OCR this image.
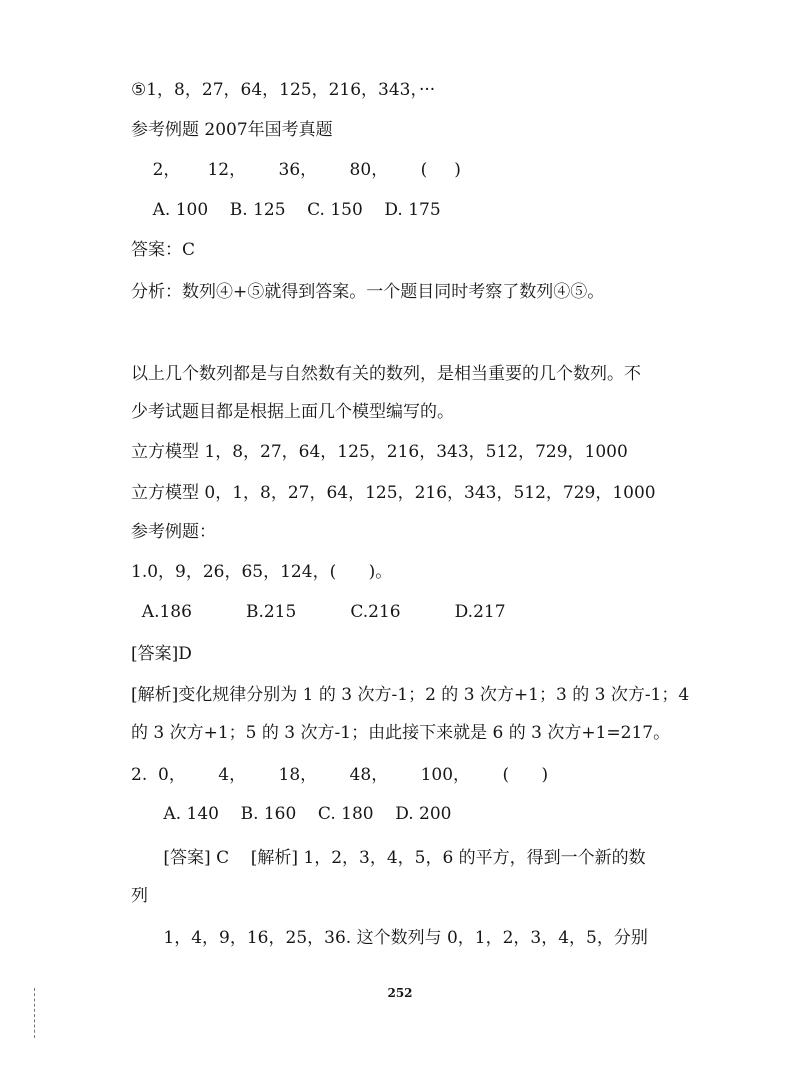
⑤1，8，27，64，125，216，343，···
参考例题 2007年国考真题
2，     12，      36，      80，      (     )
A. 100    B. 125    C. 150    D. 175
答案：C
分析：数列④+⑤就得到答案。一个题目同时考察了数列④⑤。
以上几个数列都是与自然数有关的数列，是相当重要的几个数列。不
少考试题目都是根据上面几个模型编写的。
立方模型 1，8，27，64，125，216，343，512，729，1000
立方模型 0，1，8，27，64，125，216，343，512，729，1000
参考例题：
1.0，9，26，65，124，(      )。
A.186          B.215          C.216          D.217
[答案]D
[解析]变化规律分别为 1 的 3 次方-1；2 的 3 次方+1；3 的 3 次方-1；4
的 3 次方+1；5 的 3 次方-1；由此接下来就是 6 的 3 次方+1=217。
2.  0，      4，      18，      48，      100，      (      )
A. 140    B. 160    C. 180    D. 200
[答案] C    [解析] 1，2，3，4，5，6 的平方，得到一个新的数
列
1，4，9，16，25，36. 这个数列与 0，1，2，3，4，5，分别
252
